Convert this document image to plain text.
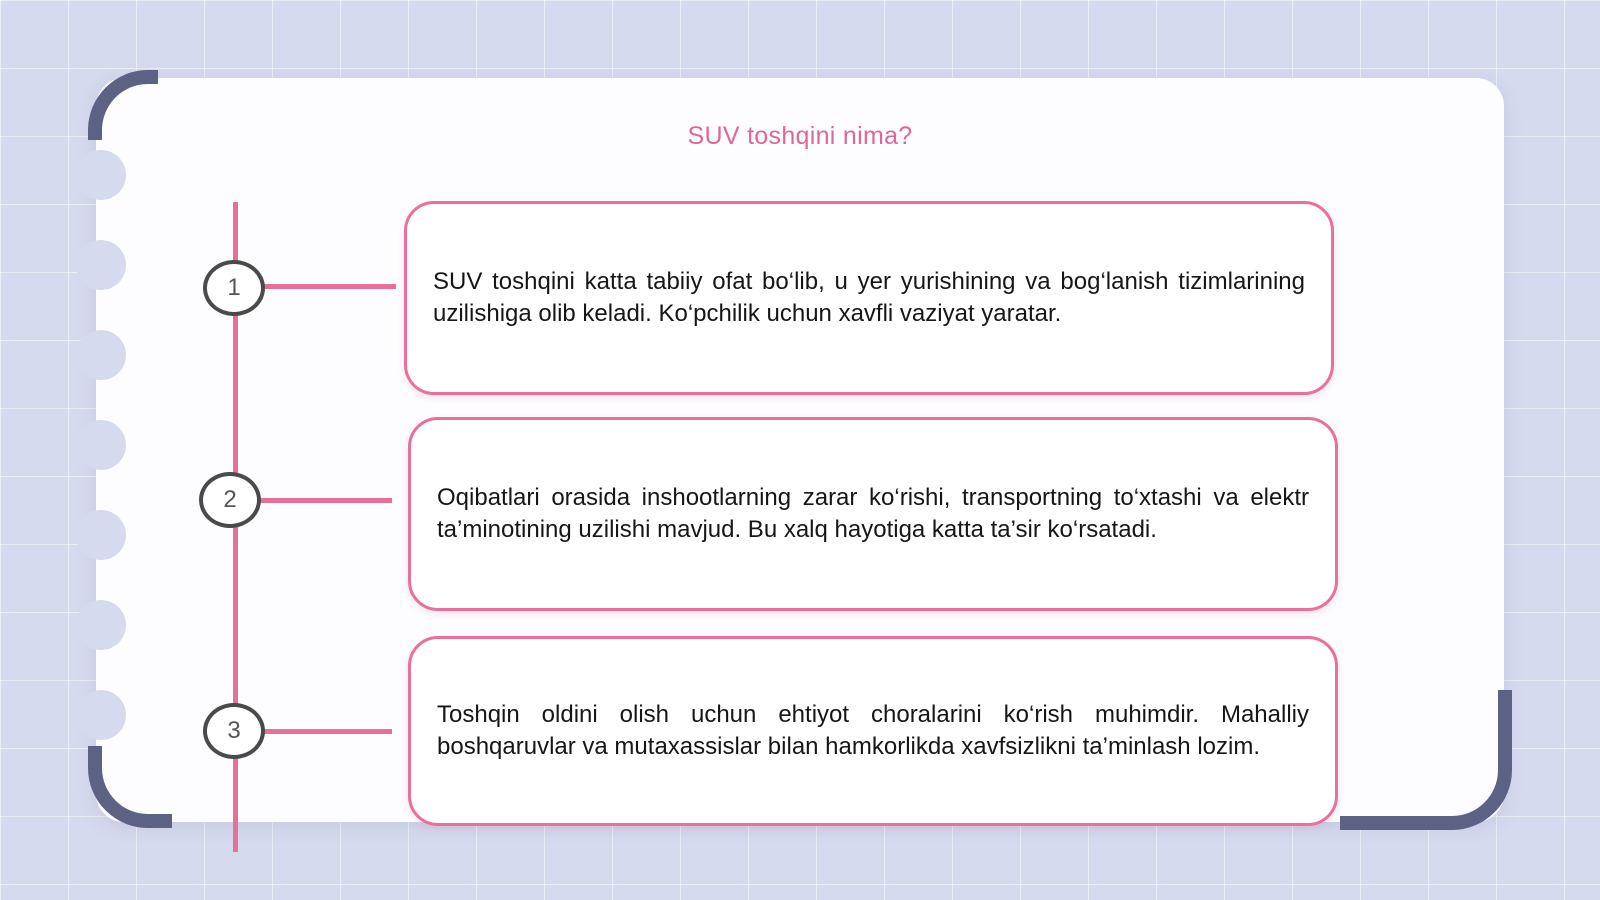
SUV toshqini nima?
1	SUV toshqini katta tabiiy ofat bo‘lib, u yer yurishining va bog‘lanish tizimlarining uzilishiga olib keladi. Ko‘pchilik uchun xavfli vaziyat yaratar.
2	Oqibatlari orasida inshootlarning zarar ko‘rishi, transportning to‘xtashi va elektr ta’minotining uzilishi mavjud. Bu xalq hayotiga katta ta’sir ko‘rsatadi.
3
Toshqin oldini olish uchun ehtiyot choralarini ko‘rish muhimdir. Mahalliy boshqaruvlar va mutaxassislar bilan hamkorlikda xavfsizlikni ta’minlash lozim.
